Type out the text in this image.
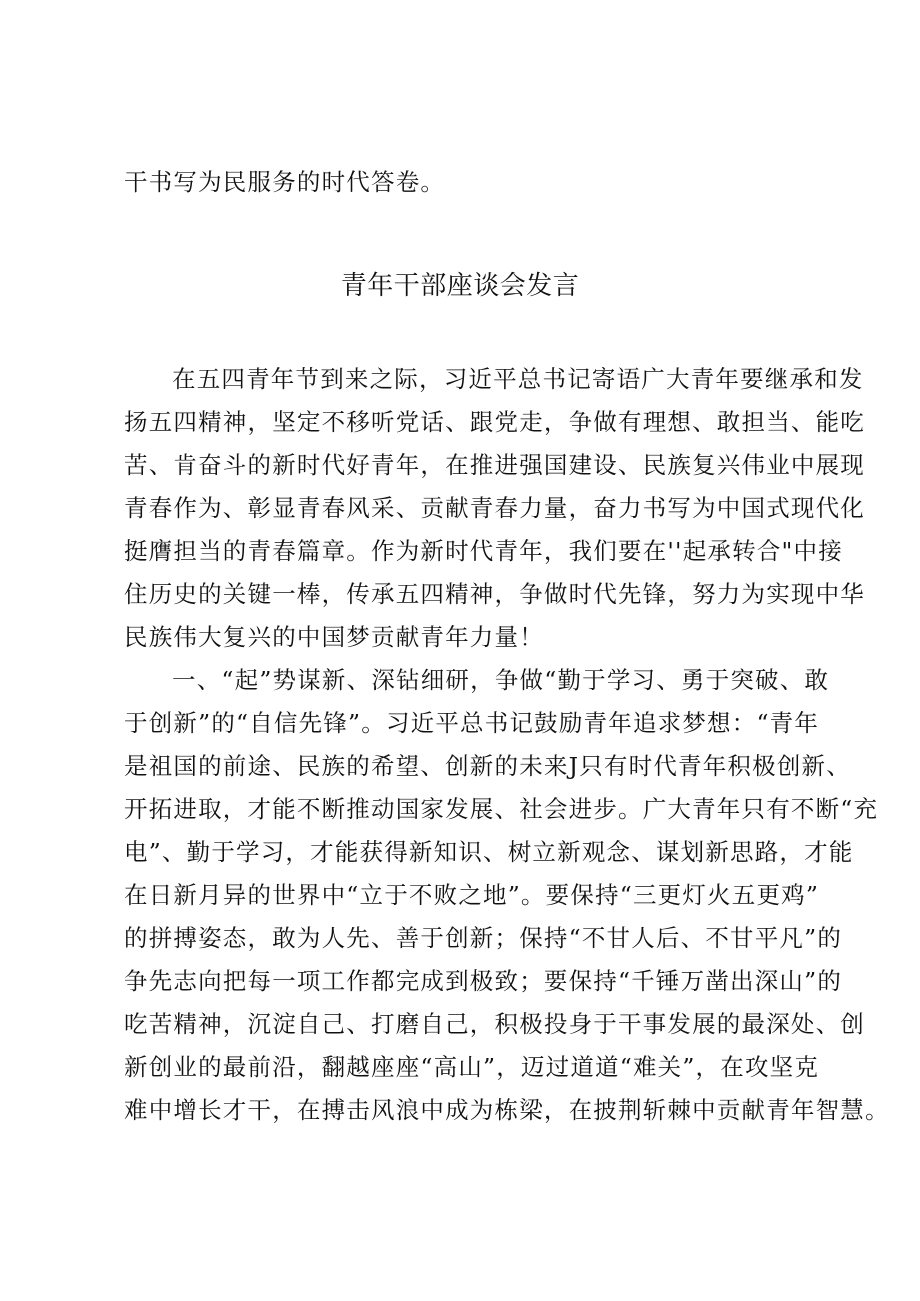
干书写为民服务的时代答卷。
青年干部座谈会发言
在五四青年节到来之际，习近平总书记寄语广大青年要继承和发
扬五四精神，坚定不移听党话、跟党走，争做有理想、敢担当、能吃
苦、肯奋斗的新时代好青年，在推进强国建设、民族复兴伟业中展现
青春作为、彰显青春风采、贡献青春力量，奋力书写为中国式现代化
挺膺担当的青春篇章。作为新时代青年，我们要在''起承转合"中接
住历史的关键一棒，传承五四精神，争做时代先锋，努力为实现中华
民族伟大复兴的中国梦贡献青年力量！
一、“起”势谋新、深钻细研，争做“勤于学习、勇于突破、敢
于创新”的“自信先锋”。习近平总书记鼓励青年追求梦想：“青年
是祖国的前途、民族的希望、创新的未来J只有时代青年积极创新、
开拓进取，才能不断推动国家发展、社会进步。广大青年只有不断“充
电”、勤于学习，才能获得新知识、树立新观念、谋划新思路，才能
在日新月异的世界中“立于不败之地”。要保持“三更灯火五更鸡”
的拼搏姿态，敢为人先、善于创新；保持“不甘人后、不甘平凡”的
争先志向把每一项工作都完成到极致；要保持“千锤万凿出深山”的
吃苦精神，沉淀自己、打磨自己，积极投身于干事发展的最深处、创
新创业的最前沿，翻越座座“高山”，迈过道道“难关”，在攻坚克
难中增长才干，在搏击风浪中成为栋梁，在披荆斩棘中贡献青年智慧。
